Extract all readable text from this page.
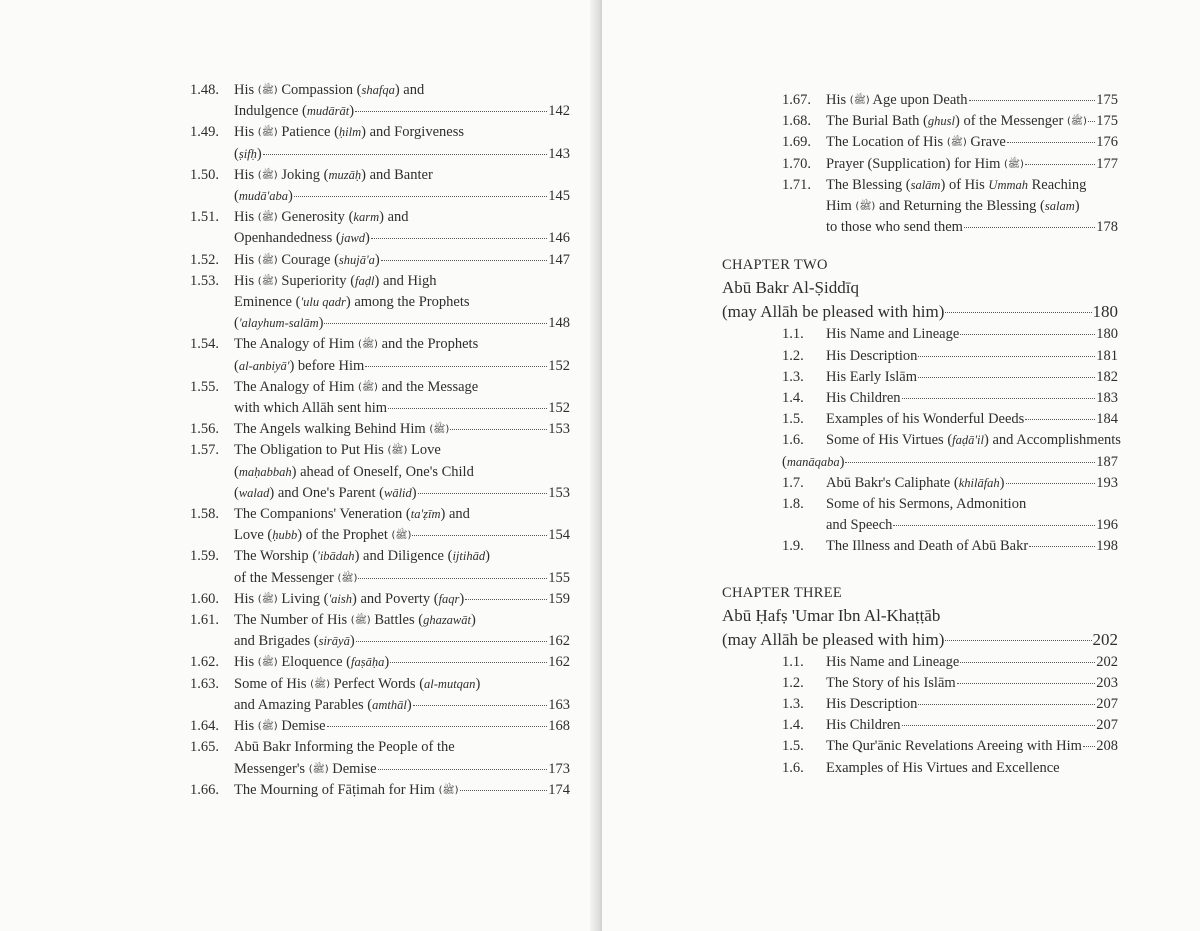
1.48.	His (ﷺ) Compassion (shafqa) and
Indulgence (mudārāt)	142
1.49.	His (ﷺ) Patience (ḥilm) and Forgiveness
(ṣifḥ)	143
1.50.	His (ﷺ) Joking (muzāḥ) and Banter
(mudā'aba)	145
1.51.	His (ﷺ) Generosity (karm) and
Openhandedness (jawd)	146
1.52.	His (ﷺ) Courage (shujā'a)	147
1.53.	His (ﷺ) Superiority (faḍl) and High
Eminence ('ulu qadr) among the Prophets
('alayhum-salām)	148
1.54.	The Analogy of Him (ﷺ) and the Prophets
(al-anbiyā') before Him	152
1.55.	The Analogy of Him (ﷺ) and the Message
with which Allāh sent him	152
1.56.	The Angels walking Behind Him (ﷺ)	153
1.57.	The Obligation to Put His (ﷺ) Love
(maḥabbah) ahead of Oneself, One's Child
(walad) and One's Parent (wālid)	153
1.58.	The Companions' Veneration (ta'ẓīm) and
Love (ḥubb) of the Prophet (ﷺ)	154
1.59.	The Worship ('ibādah) and Diligence (ijtihād)
of the Messenger (ﷺ)	155
1.60.	His (ﷺ) Living ('aish) and Poverty (faqr)	159
1.61.	The Number of His (ﷺ) Battles (ghazawāt)
and Brigades (sirāyā)	162
1.62.	His (ﷺ) Eloquence (faṣāḥa)	162
1.63.	Some of His (ﷺ) Perfect Words (al-mutqan)
and Amazing Parables (amthāl)	163
1.64.	His (ﷺ) Demise	168
1.65.	Abū Bakr Informing the People of the
Messenger's (ﷺ) Demise	173
1.66.	The Mourning of Fāṭimah for Him (ﷺ)	174
1.67.	His (ﷺ) Age upon Death	175
1.68.	The Burial Bath (ghusl) of the Messenger (ﷺ) 175
1.69.	The Location of His (ﷺ) Grave	176
1.70.	Prayer (Supplication) for Him (ﷺ)	177
1.71.	The Blessing (salām) of His Ummah Reaching
Him (ﷺ) and Returning the Blessing (salam)
to those who send them	178
CHAPTER TWO
Abū Bakr Al-Ṣiddīq
(may Allāh be pleased with him)	180
1.1.	His Name and Lineage	180
1.2.	His Description	181
1.3.	His Early Islām	182
1.4.	His Children	183
1.5.	Examples of his Wonderful Deeds	184
1.6.	Some of His Virtues (faḍā'il) and Accomplishments
(manāqaba)	187
1.7.	Abū Bakr's Caliphate (khilāfah)	193
1.8.	Some of his Sermons, Admonition
and Speech	196
1.9.	The Illness and Death of Abū Bakr	198
CHAPTER THREE
Abū Ḥafṣ 'Umar Ibn Al-Khaṭṭāb
(may Allāh be pleased with him)	202
1.1.	His Name and Lineage	202
1.2.	The Story of his Islām	203
1.3.	His Description	207
1.4.	His Children	207
1.5.	The Qur'ānic Revelations Areeing with Him 208
1.6.	Examples of His Virtues and Excellence
